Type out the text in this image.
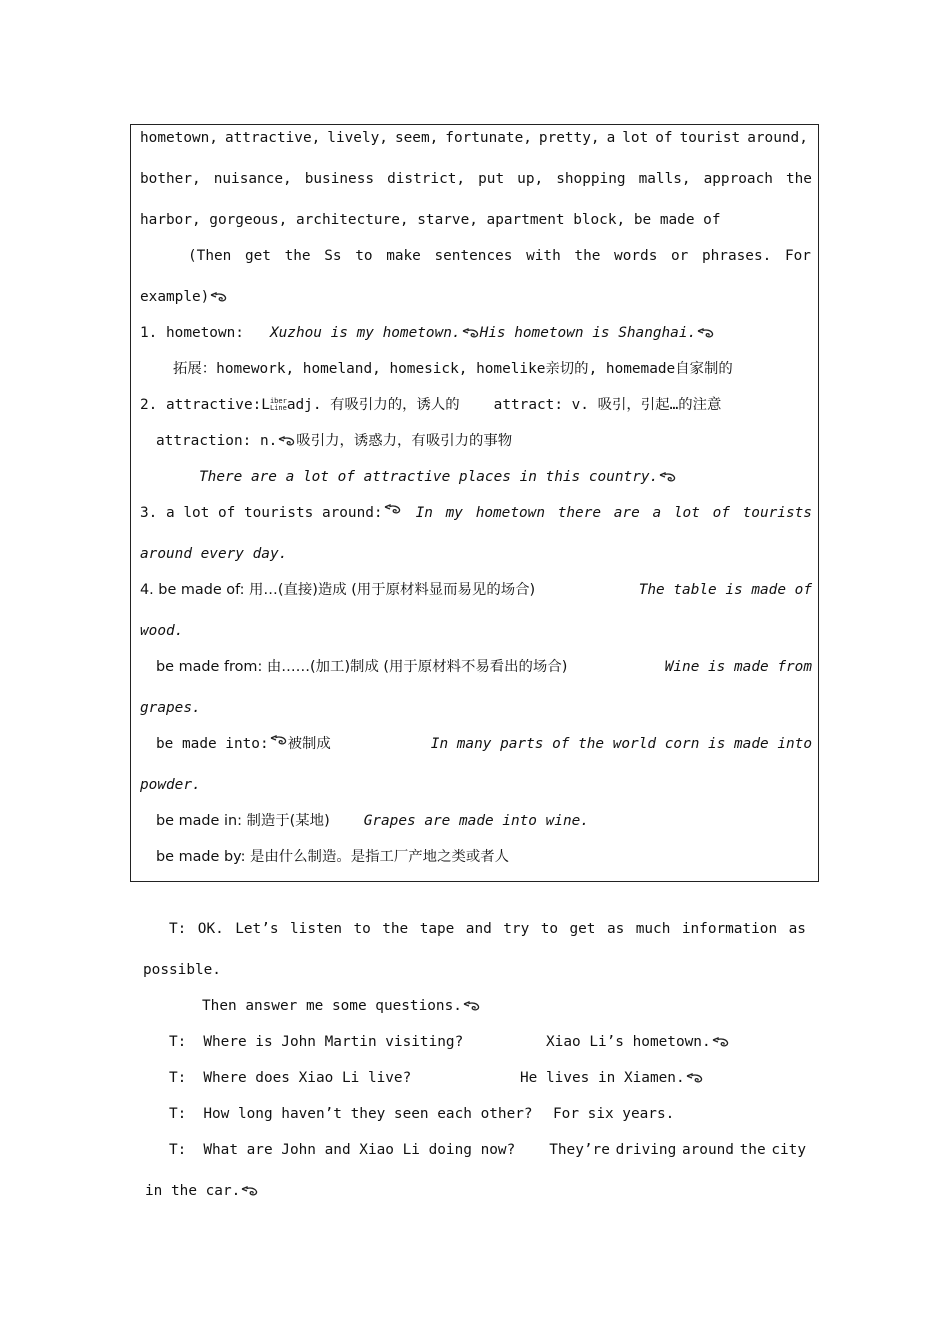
hometown, attractive, lively, seem, fortunate, pretty, a lot of tourist around,
bother, nuisance, business district, put up, shopping malls, approach the
harbor, gorgeous, architecture, starve, apartment block, be made of
(Then get the Ss to make sentences with the words or phrases. For
example)
1. hometown: Xuzhou is my hometown. His hometown is Shanghai.
拓展：homework, homeland, homesick, homelike亲切的, homemade自家制的
2. attractive:Liber
Lineadj. 有吸引力的，诱人的 attract: v. 吸引，引起…的注意
attraction: n. 吸引力，诱惑力，有吸引力的事物
There are a lot of attractive places in this country.
3. a lot of tourists around: In my hometown there are a lot of tourists
around every day.
4. be made of: 用…(直接)造成 (用于原材料显而易见的场合)	The table is made of
wood.
be made from: 由……(加工)制成 (用于原材料不易看出的场合)	Wine is made from
grapes.
be made into: 被制成	In many parts of the world corn is made into
powder.
be made in: 制造于(某地) Grapes are made into wine.
be made by: 是由什么制造。是指工厂产地之类或者人
T: OK. Let’s listen to the tape and try to get as much information as
possible.
Then answer me some questions.
T: Where is John Martin visiting?	Xiao Li’s hometown.
T: Where does Xiao Li live?	He lives in Xiamen.
T: How long haven’t they seen each other? For six years.
T: What are John and Xiao Li doing now? They’re driving around the city
in the car.
